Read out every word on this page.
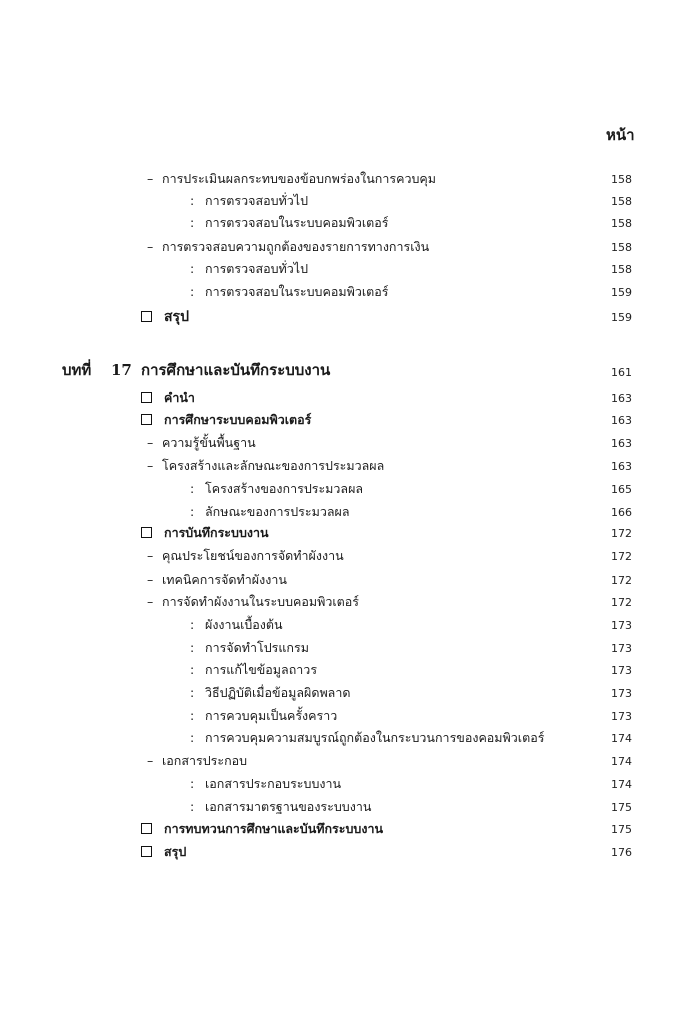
หน้า
– การประเมินผลกระทบของข้อบกพร่องในการควบคุม	158
: การตรวจสอบทั่วไป	158
: การตรวจสอบในระบบคอมพิวเตอร์	158
– การตรวจสอบความถูกต้องของรายการทางการเงิน	158
: การตรวจสอบทั่วไป	158
: การตรวจสอบในระบบคอมพิวเตอร์	159
สรุป	159
บทที่ 17 การศึกษาและบันทึกระบบงาน	161
คำนำ	163
การศึกษาระบบคอมพิวเตอร์	163
– ความรู้ขั้นพื้นฐาน	163
– โครงสร้างและลักษณะของการประมวลผล	163
: โครงสร้างของการประมวลผล	165
: ลักษณะของการประมวลผล	166
การบันทึกระบบงาน	172
– คุณประโยชน์ของการจัดทำผังงาน	172
– เทคนิคการจัดทำผังงาน	172
– การจัดทำผังงานในระบบคอมพิวเตอร์	172
: ผังงานเบื้องต้น	173
: การจัดทำโปรแกรม	173
: การแก้ไขข้อมูลถาวร	173
: วิธีปฏิบัติเมื่อข้อมูลผิดพลาด	173
: การควบคุมเป็นครั้งคราว	173
: การควบคุมความสมบูรณ์ถูกต้องในกระบวนการของคอมพิวเตอร์	174
– เอกสารประกอบ	174
: เอกสารประกอบระบบงาน	174
: เอกสารมาตรฐานของระบบงาน	175
การทบทวนการศึกษาและบันทึกระบบงาน	175
สรุป	176
